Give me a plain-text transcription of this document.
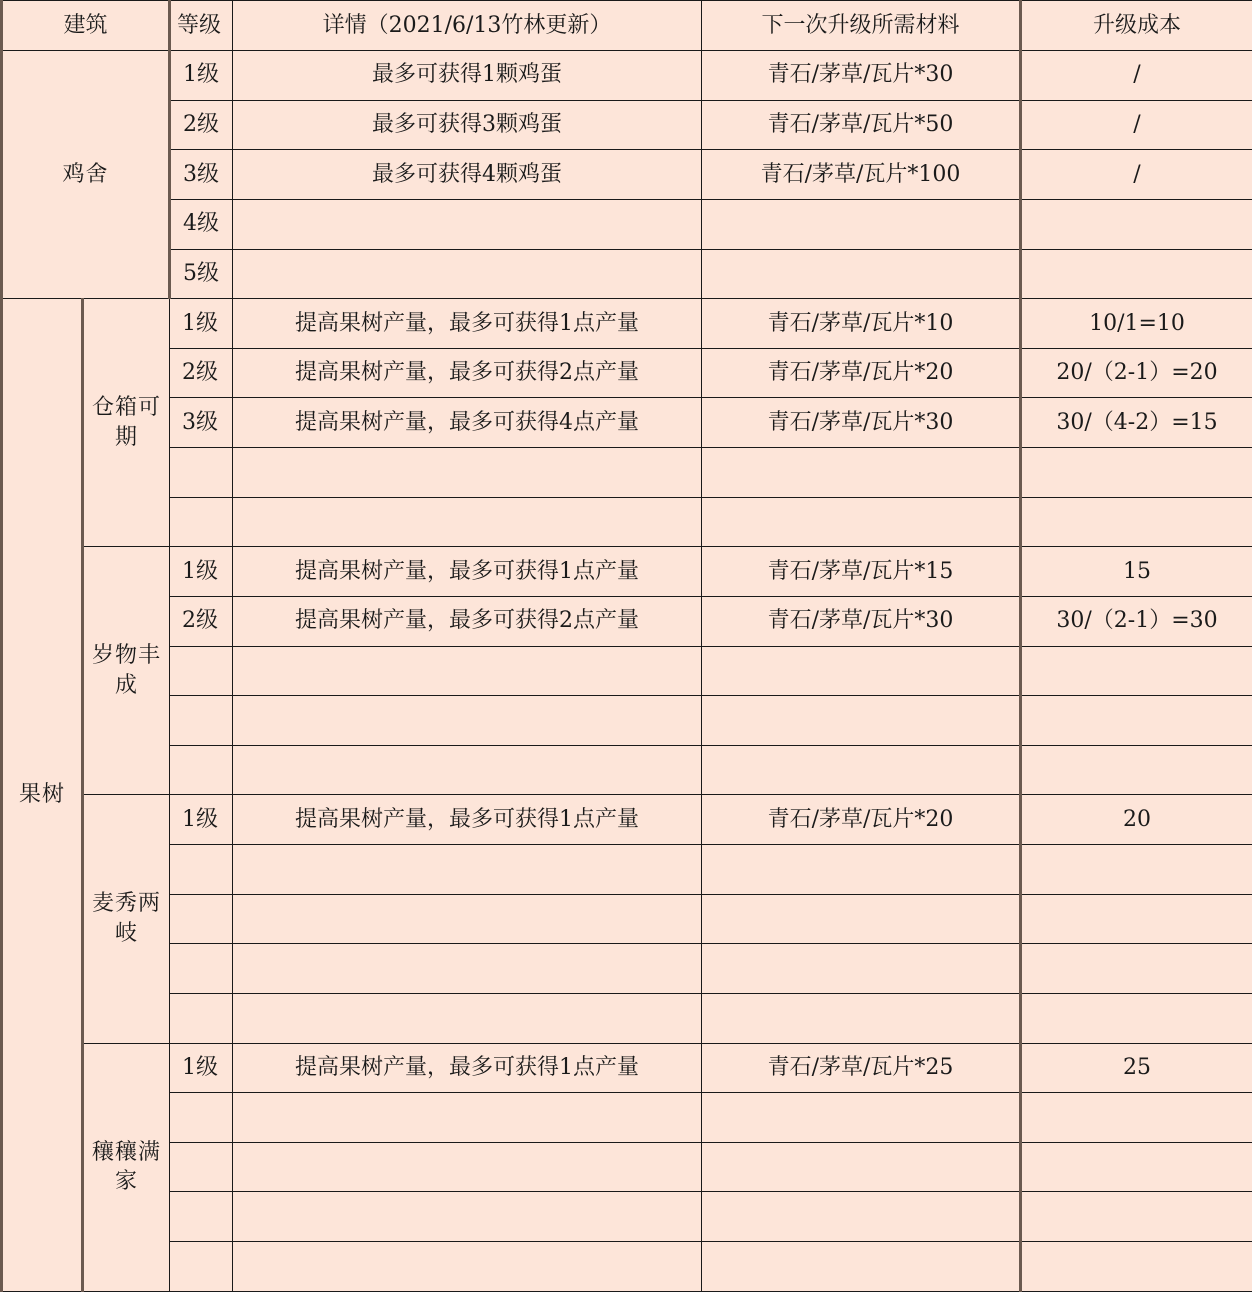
建筑		等级	详情（2021/6/13竹林更新）	下一次升级所需材料	升级成本
鸡舍		1级	最多可获得1颗鸡蛋	青石/茅草/瓦片*30	/
		2级	最多可获得3颗鸡蛋	青石/茅草/瓦片*50	/
		3级	最多可获得4颗鸡蛋	青石/茅草/瓦片*100	/
		4级			
		5级			
果树	仓箱可期	1级	提高果树产量，最多可获得1点产量	青石/茅草/瓦片*10	10/1=10
		2级	提高果树产量，最多可获得2点产量	青石/茅草/瓦片*20	20/（2-1）=20
		3级	提高果树产量，最多可获得4点产量	青石/茅草/瓦片*30	30/（4-2）=15

	岁物丰成	1级	提高果树产量，最多可获得1点产量	青石/茅草/瓦片*15	15
		2级	提高果树产量，最多可获得2点产量	青石/茅草/瓦片*30	30/（2-1）=30

	麦秀两岐	1级	提高果树产量，最多可获得1点产量	青石/茅草/瓦片*20	20

	穰穰满家	1级	提高果树产量，最多可获得1点产量	青石/茅草/瓦片*25	25
